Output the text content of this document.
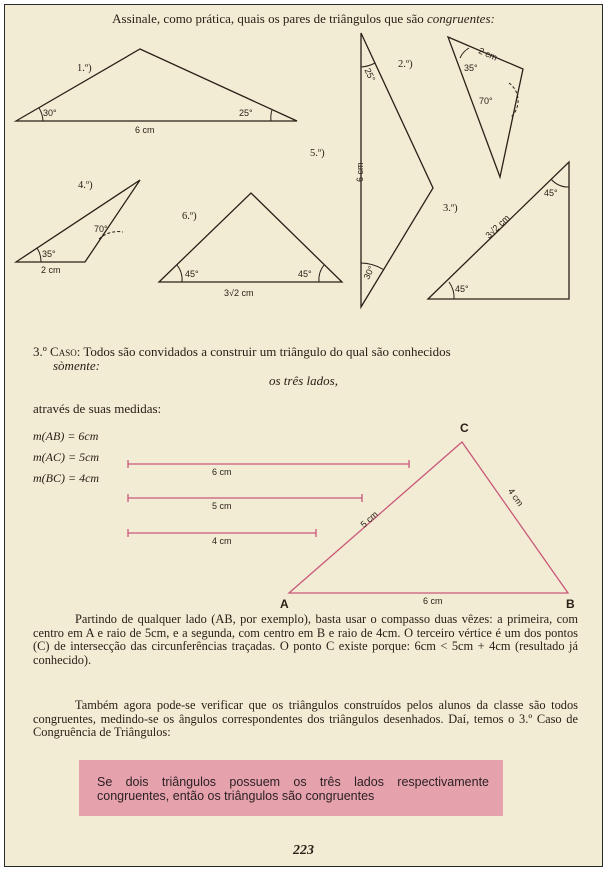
Assinale, como prática, quais os pares de triângulos que são congruentes:
1.º)	2.º)
3.º)
4.º)
5.º)
6.º)
30°	25°
6 cm
35°
70°
2 cm
45°
45°
3√2 cm
35°
70°
2 cm
25°
30°
6 cm
45°	45°
3√2 cm
3.º Caso: Todos são convidados a construir um triângulo do qual são conhecidos
sòmente:
os três lados,
através de suas medidas:
m(AB) = 6cm
m(AC) = 5cm
m(BC) = 4cm	6 cm
5 cm
4 cm
6 cm
5 cm
4 cm
A	B
C
Partindo de qualquer lado (AB, por exemplo), basta usar o compasso duas vêzes: a primeira, com centro em A e raio de 5cm, e a segunda, com centro em B e raio de 4cm. O terceiro vértice é um dos pontos (C) de intersecção das circunferências traçadas. O ponto C existe porque: 6cm < 5cm + 4cm (resultado já conhecido).
Também agora pode-se verificar que os triângulos construídos pelos alunos da classe são todos congruentes, medindo-se os ângulos correspondentes dos triângulos desenhados. Daí, temos o 3.º Caso de Congruência de Triângulos:
Se dois triângulos possuem os três lados respectivamente congruentes, então os triângulos são congruentes
223
